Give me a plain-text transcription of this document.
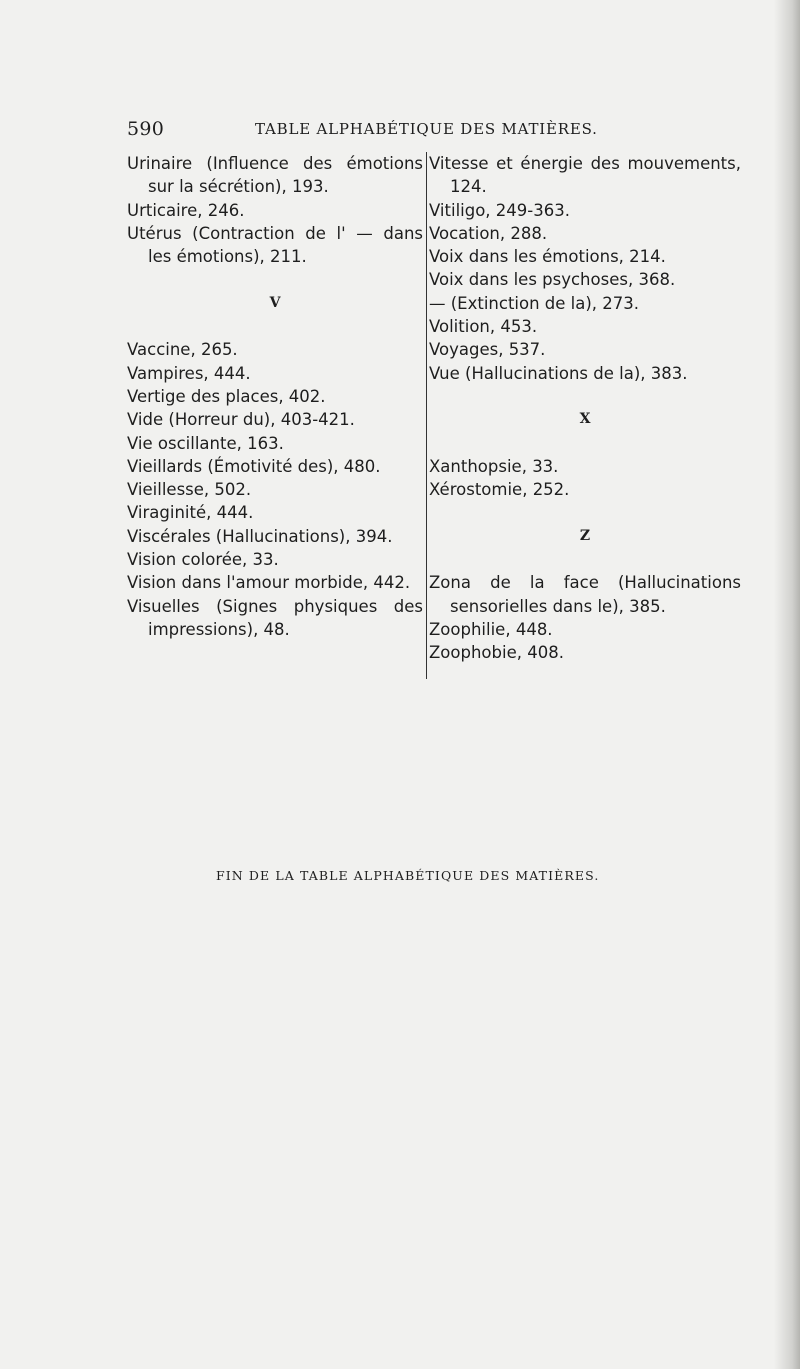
590	TABLE ALPHABÉTIQUE DES MATIÈRES.
Urinaire (Influence des émotions sur la sécrétion), 193.
Urticaire, 246.
Utérus (Contraction de l' — dans les émotions), 211.
V
Vaccine, 265.
Vampires, 444.
Vertige des places, 402.
Vide (Horreur du), 403-421.
Vie oscillante, 163.
Vieillards (Émotivité des), 480.
Vieillesse, 502.
Viraginité, 444.
Viscérales (Hallucinations), 394.
Vision colorée, 33.
Vision dans l'amour morbide, 442.
Visuelles (Signes physiques des impressions), 48.
Vitesse et énergie des mouvements, 124.
Vitiligo, 249-363.
Vocation, 288.
Voix dans les émotions, 214.
Voix dans les psychoses, 368.
— (Extinction de la), 273.
Volition, 453.
Voyages, 537.
Vue (Hallucinations de la), 383.
X
Xanthopsie, 33.
Xérostomie, 252.
Z
Zona de la face (Hallucinations sensorielles dans le), 385.
Zoophilie, 448.
Zoophobie, 408.
FIN DE LA TABLE ALPHABÉTIQUE DES MATIÈRES.
